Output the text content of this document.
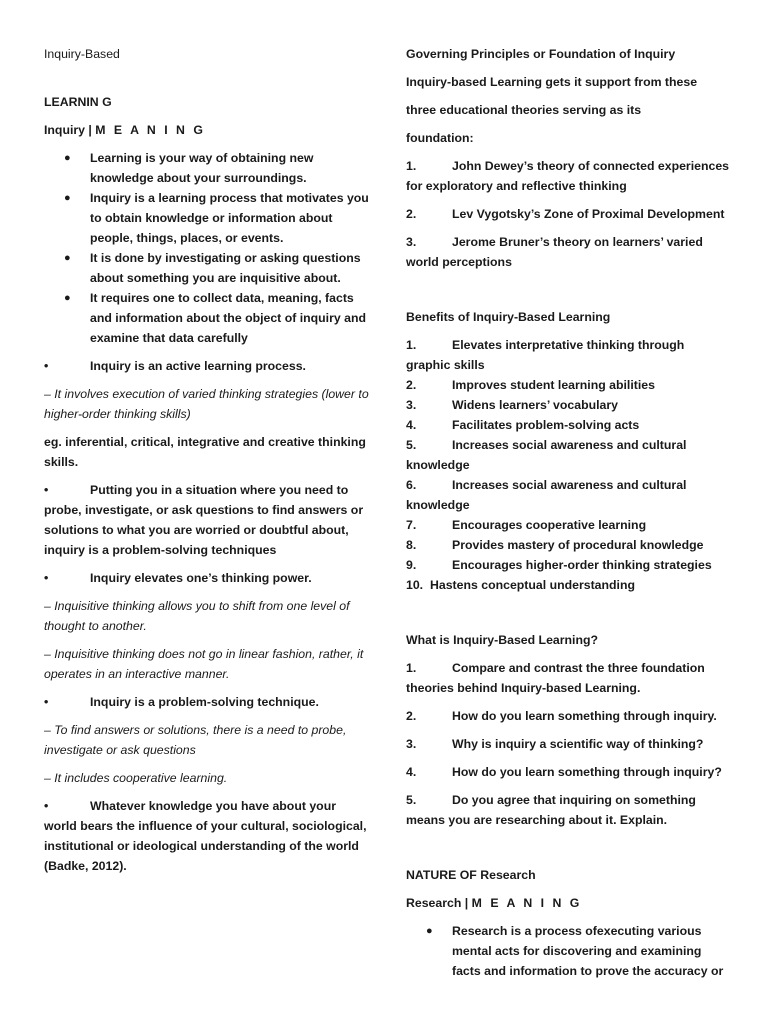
Inquiry-Based

LEARNIN G

Inquiry | M E A N I N G

● Learning is your way of obtaining new knowledge about your surroundings.
● Inquiry is a learning process that motivates you to obtain knowledge or information about people, things, places, or events.
● It is done by investigating or asking questions about something you are inquisitive about.
● It requires one to collect data, meaning, facts and information about the object of inquiry and examine that data carefully

•	Inquiry is an active learning process.

– It involves execution of varied thinking strategies (lower to higher-order thinking skills)

eg. inferential, critical, integrative and creative thinking skills.

•	Putting you in a situation where you need to probe, investigate, or ask questions to find answers or solutions to what you are worried or doubtful about, inquiry is a problem-solving techniques

•	Inquiry elevates one’s thinking power.

– Inquisitive thinking allows you to shift from one level of thought to another.

– Inquisitive thinking does not go in linear fashion, rather, it operates in an interactive manner.

•	Inquiry is a problem-solving technique.

– To find answers or solutions, there is a need to probe, investigate or ask questions

– It includes cooperative learning.

•	Whatever knowledge you have about your world bears the influence of your cultural, sociological, institutional or ideological understanding of the world (Badke, 2012).

Governing Principles or Foundation of Inquiry

Inquiry-based Learning gets it support from these

three educational theories serving as its

foundation:

1.	John Dewey’s theory of connected experiences for exploratory and reflective thinking

2.	Lev Vygotsky’s Zone of Proximal Development

3.	Jerome Bruner’s theory on learners’ varied world perceptions

Benefits of Inquiry-Based Learning

1.	Elevates interpretative thinking through graphic skills
2.	Improves student learning abilities
3.	Widens learners’ vocabulary
4.	Facilitates problem-solving acts
5.	Increases social awareness and cultural knowledge
6.	Increases social awareness and cultural knowledge
7.	Encourages cooperative learning
8.	Provides mastery of procedural knowledge
9.	Encourages higher-order thinking strategies
10. Hastens conceptual understanding

What is Inquiry-Based Learning?

1.	Compare and contrast the three foundation theories behind Inquiry-based Learning.

2.	How do you learn something through inquiry.

3.	Why is inquiry a scientific way of thinking?

4.	How do you learn something through inquiry?

5.	Do you agree that inquiring on something means you are researching about it. Explain.

NATURE OF Research

Research | M E A N I N G

● Research is a process ofexecuting various mental acts for discovering and examining facts and information to prove the accuracy or
